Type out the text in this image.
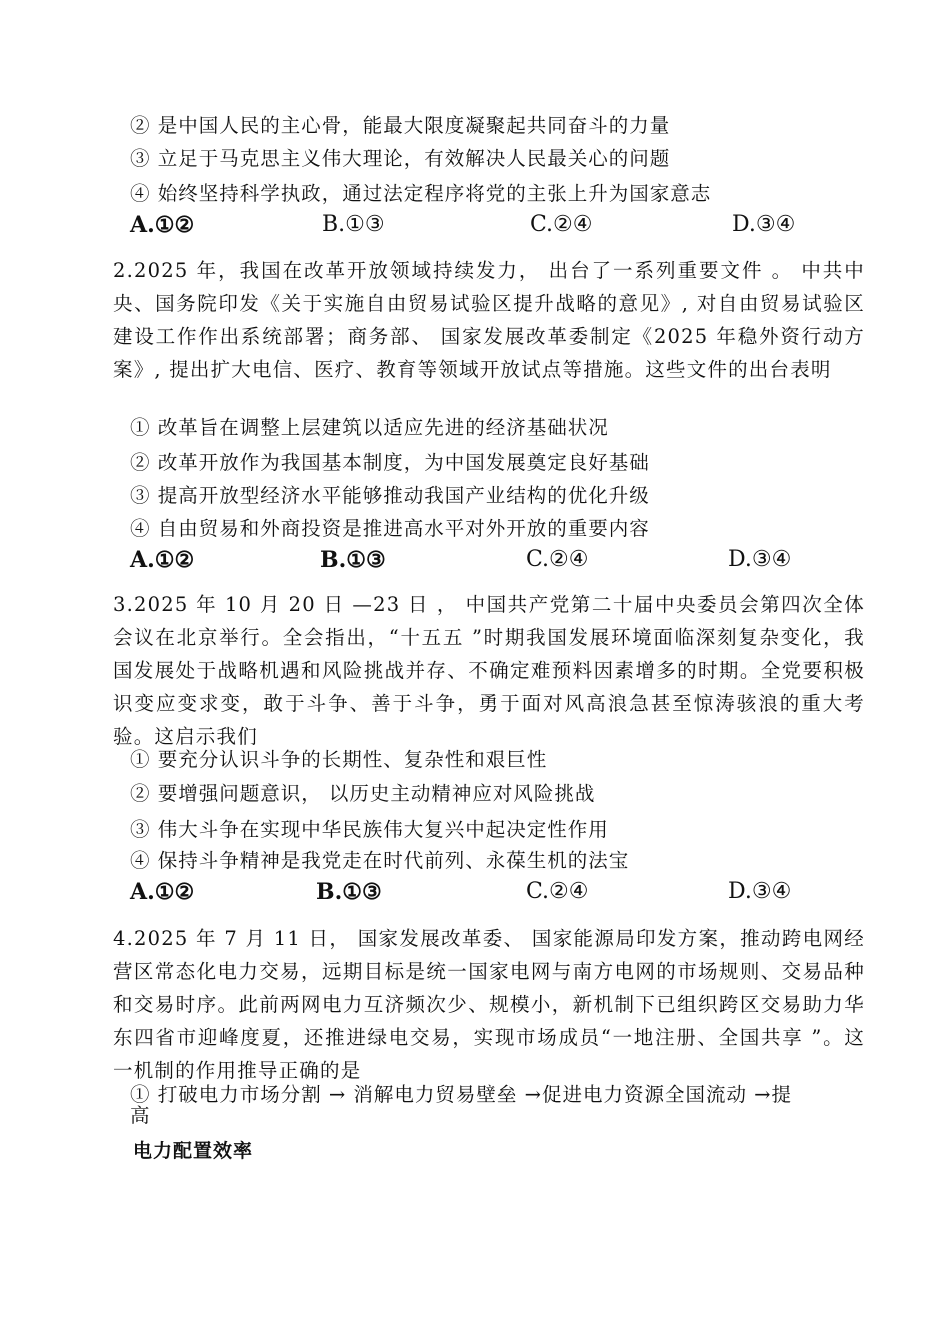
② 是中国人民的主心骨，能最大限度凝聚起共同奋斗的力量
③ 立足于马克思主义伟大理论，有效解决人民最关心的问题
④ 始终坚持科学执政，通过法定程序将党的主张上升为国家意志
A.①②	B.①③	C.②④	D.③④
2.2025 年，我国在改革开放领域持续发力， 出台了一系列重要文件 。 中共中央、国务院印发《关于实施自由贸易试验区提升战略的意见》, 对自由贸易试验区建设工作作出系统部署；商务部、 国家发展改革委制定《2025 年稳外资行动方案》, 提出扩大电信、医疗、教育等领域开放试点等措施。这些文件的出台表明
① 改革旨在调整上层建筑以适应先进的经济基础状况
② 改革开放作为我国基本制度，为中国发展奠定良好基础
③ 提高开放型经济水平能够推动我国产业结构的优化升级
④ 自由贸易和外商投资是推进高水平对外开放的重要内容
A.①②	B.①③	C.②④	D.③④
3.2025 年 10 月 20 日 —23 日 ， 中国共产党第二十届中央委员会第四次全体会议在北京举行。全会指出，“十五五 ”时期我国发展环境面临深刻复杂变化，我国发展处于战略机遇和风险挑战并存、不确定难预料因素增多的时期。全党要积极识变应变求变，敢于斗争、善于斗争，勇于面对风高浪急甚至惊涛骇浪的重大考验。这启示我们
① 要充分认识斗争的长期性、复杂性和艰巨性
② 要增强问题意识， 以历史主动精神应对风险挑战
③ 伟大斗争在实现中华民族伟大复兴中起决定性作用
④ 保持斗争精神是我党走在时代前列、永葆生机的法宝
A.①②	B.①③	C.②④	D.③④
4.2025 年 7 月 11 日， 国家发展改革委、 国家能源局印发方案，推动跨电网经营区常态化电力交易，远期目标是统一国家电网与南方电网的市场规则、交易品种和交易时序。此前两网电力互济频次少、规模小，新机制下已组织跨区交易助力华东四省市迎峰度夏，还推进绿电交易，实现市场成员“一地注册、全国共享 ”。这一机制的作用推导正确的是
① 打破电力市场分割 → 消解电力贸易壁垒 →促进电力资源全国流动 →提
高
电力配置效率
